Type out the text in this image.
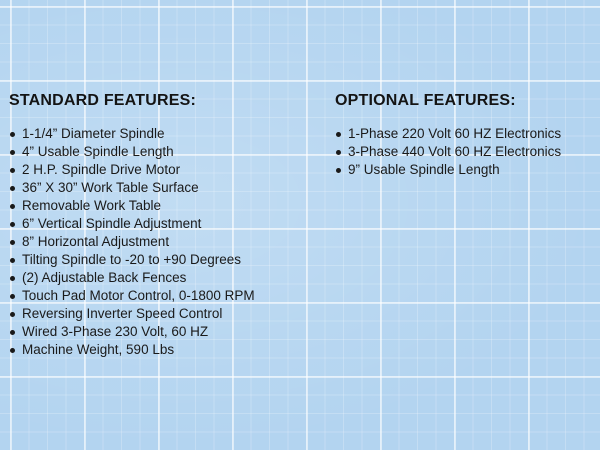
STANDARD FEATURES:
1-1/4” Diameter Spindle
4” Usable Spindle Length
2 H.P. Spindle Drive Motor
36” X 30” Work Table Surface
Removable Work Table
6” Vertical Spindle Adjustment
8” Horizontal Adjustment
Tilting Spindle to -20 to +90 Degrees
(2) Adjustable Back Fences
Touch Pad Motor Control, 0-1800 RPM
Reversing Inverter Speed Control
Wired 3-Phase 230 Volt, 60 HZ
Machine Weight, 590 Lbs
OPTIONAL FEATURES:
1-Phase 220 Volt 60 HZ Electronics
3-Phase 440 Volt 60 HZ Electronics
9” Usable Spindle Length
